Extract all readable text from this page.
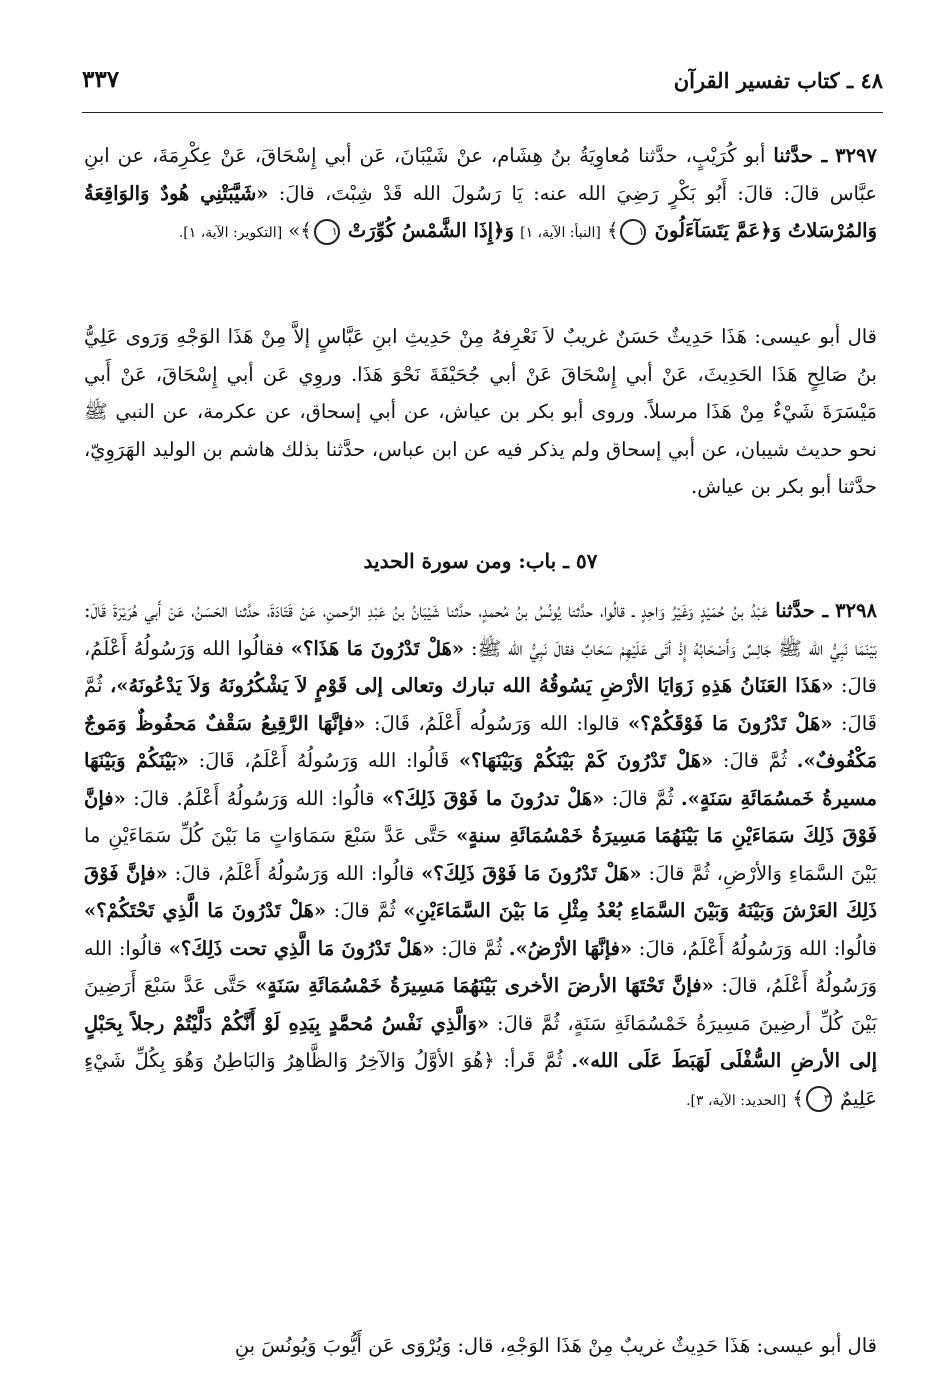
٤٨ ـ كتاب تفسير القرآن
٣٣٧

٣٢٩٧ ـ حدَّثنا أبو كُرَيْبٍ، حدَّثنا مُعاوِيَةُ بنُ هِشَام، عنْ شَيْبَانَ، عَن أبي إِسْحَاقَ، عَنْ عِكْرِمَةَ، عن ابنِ عبَّاس قالَ: قالَ: أَبُو بَكْرٍ رَضِيَ الله عنه: يَا رَسُولَ الله قَدْ شِبْتَ، قالَ: «شَيَّبَتْنِي هُودٌ وَالوَاقِعَةُ وَالمُرْسَلاتُ وَ﴿عَمَّ يَتَسَآءَلُونَ ١﴾ [النبأ: الآية، ١] وَ﴿إِذَا الشَّمْسُ كُوِّرَتْ ١﴾» [التكوير: الآية، ١].

قال أبو عيسى: هَذَا حَدِيثٌ حَسَنٌ غريبٌ لاَ نَعْرِفهُ مِنْ حَدِيثِ ابنِ عَبَّاسٍ إلاَّ مِنْ هَذَا الوَجْهِ وَرَوى عَلِيُّ بنُ صَالِحٍ هَذَا الحَدِيثَ، عَنْ أبي إِسْحَاقَ عَنْ أبي جُحَيْفَةَ نَحْوَ هَذَا. وروِي عَن أبي إِسْحَاقَ، عَنْ أَبي مَيْسَرَةَ شَيْءٌ مِنْ هَذَا مرسلاً. وروى أبو بكر بن عياش، عن أبي إسحاق، عن عكرمة، عن النبي ﷺ نحو حديث شيبان، عن أبي إسحاق ولم يذكر فيه عن ابن عباس، حدَّثنا بذلك هاشم بن الوليد الهَرَوِيّ، حدَّثنا أبو بكر بن عياش.

٥٧ ـ باب: ومن سورة الحديد

٣٢٩٨ ـ حدَّثنا عَبْدُ بنُ حُمَيْدٍ وَغَيْرُ وَاحِدٍ ـ قالُوا، حدَّثنا يُونُسُ بنُ مُحمدٍ، حدَّثنا شَيْبَانُ بنُ عَبْدِ الرَّحمنِ، عَنْ قَتَادَةَ، حدَّثنا الحَسَنُ، عَنْ أَبي هُرَيْرَةَ قَالَ: بَيْنَمَا نَبِيُّ الله ﷺ جَالِسٌ وَأَصْحَابُهُ إِذْ أتَى عَلَيْهِمْ سَحَابٌ فقالَ نَبِيُّ الله ﷺ: «هَلْ تَدْرُونَ مَا هَذَا؟» فقالُوا الله وَرَسُولُهُ أَعْلَمُ، قالَ: «هَذَا العَنَانُ هَذِهِ زَوَايَا الأرْضِ يَسُوقُهُ الله تبارك وتعالى إلى قَوْمٍ لاَ يَشْكُرُونَهُ وَلاَ يَدْعُونَهُ»، ثُمَّ قَالَ: «هَلْ تَدْرُونَ مَا فَوْقَكُمْ؟» قالوا: الله وَرَسُولُه أَعْلَمُ، قَالَ: «فإنَّهَا الرَّقِيعُ سَقْفٌ مَحفُوظٌ وَمَوجٌ مَكْفُوفٌ». ثُمَّ قالَ: «هَلْ تَدْرُونَ كَمْ بَيْنَكُمْ وَبَيْنَهَا؟» قَالُوا: الله وَرَسُولُهُ أَعْلَمُ، قَالَ: «بَيْنَكُمْ وَبَيْنَهَا مسيرةُ خَمسُمَائَةِ سَنَةٍ». ثُمَّ قالَ: «هَلْ تدرُونَ ما فَوْقَ ذَلِكَ؟» قالُوا: الله وَرَسُولُهُ أَعْلَمُ. قالَ: «فإنَّ فَوْقَ ذَلِكَ سَمَاءَيْنِ مَا بَيْنَهُمَا مَسِيرَةُ خَمْسُمَائَةِ سنةٍ» حَتَّى عَدَّ سَبْعَ سَمَاوَاتٍ مَا بَيْنَ كُلِّ سَمَاءَيْنِ ما بَيْنَ السَّمَاءِ وَالأرْضِ، ثُمَّ قالَ: «هَلْ تَدْرُونَ مَا فَوْقَ ذَلِكَ؟» قالُوا: الله وَرَسُولُهُ أَعْلَمُ، قالَ: «فإنَّ فَوْقَ ذَلِكَ العَرْشَ وَبَيْنَهُ وَبَيْنَ السَّمَاءِ بُعْدُ مِثْلِ مَا بَيْنَ السَّمَاءَيْنِ» ثُمَّ قالَ: «هَلْ تَدْرُونَ مَا الَّذِي تَحْتَكُمْ؟» قالُوا: الله وَرَسُولُهُ أَعْلَمُ، قالَ: «فإنَّهَا الأرْضُ». ثُمَّ قالَ: «هَلْ تَدْرُونَ مَا الَّذِي تحت ذَلِكَ؟» قالُوا: الله وَرَسُولُهُ أَعْلَمُ، قالَ: «فإنَّ تَحْتَهَا الأرضَ الأخرى بَيْنَهُمَا مَسِيرَةُ خَمْسُمَائَةِ سَنَةٍ» حَتَّى عَدَّ سَبْعَ أَرَضِينَ بَيْنَ كُلِّ أرضِينَ مَسِيرَةُ خَمْسُمَائَةِ سَنَةٍ، ثُمَّ قالَ: «وَالَّذِي نَفْسُ مُحمَّدٍ بِيَدِهِ لَوْ أَنَّكُمْ دَلَّيْتُمْ رجلاً بِحَبْلٍ إلى الأرضِ السُّفْلَى لَهَبَطَ عَلَى الله». ثُمَّ قَرأ: ﴿هُوَ الأوَّلُ وَالآخِرُ وَالظَّاهِرُ وَالبَاطِنُ وَهُوَ بِكُلِّ شَيْءٍ عَلِيمٌ ٣﴾ [الحديد: الآية، ٣].

قال أبو عيسى: هَذَا حَدِيثٌ غريبٌ مِنْ هَذَا الوَجْهِ، قال: وَيُرْوَى عَن أَيُّوبَ وَيُونُسَ بنِ
